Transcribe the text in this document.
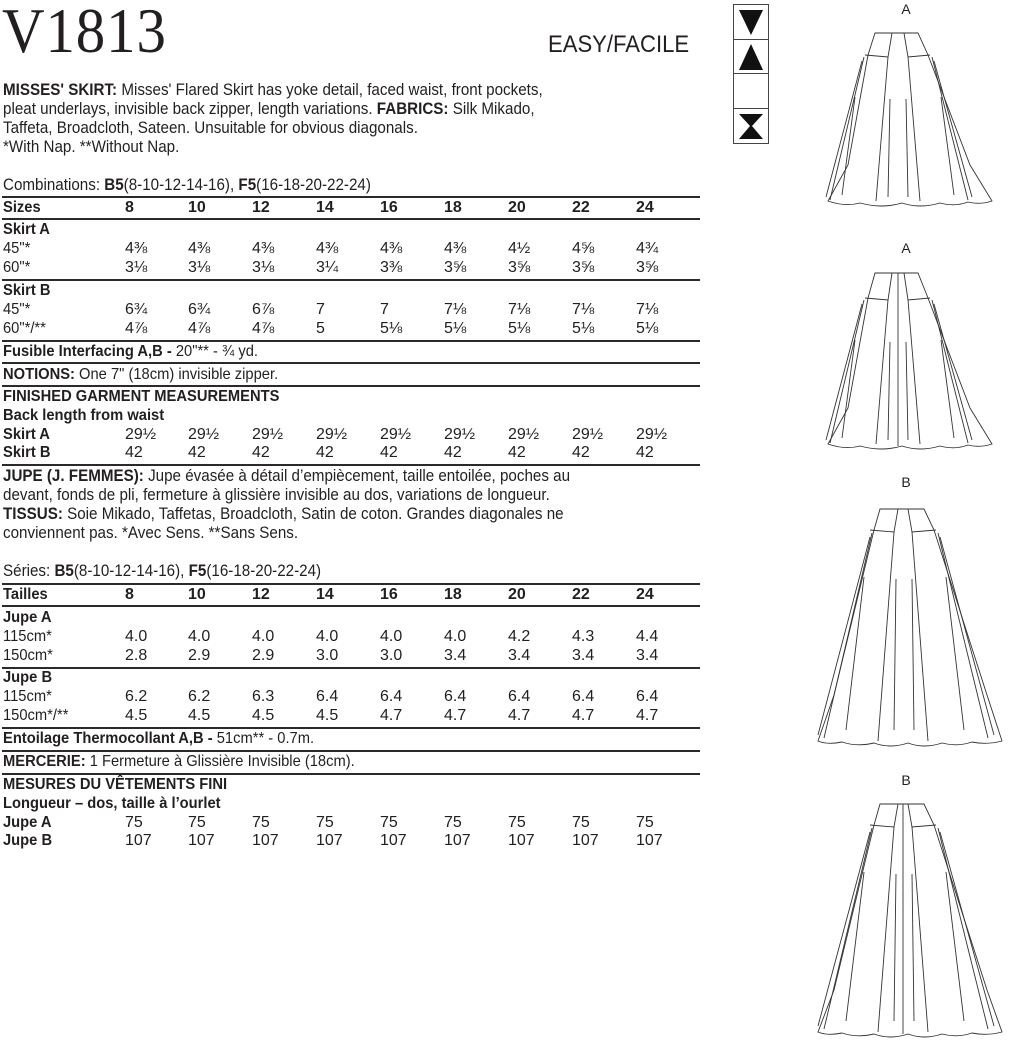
V1813	EASY/FACILE
MISSES' SKIRT: Misses' Flared Skirt has yoke detail, faced waist, front pockets,
pleat underlays, invisible back zipper, length variations. FABRICS: Silk Mikado,
Taffeta, Broadcloth, Sateen. Unsuitable for obvious diagonals.
*With Nap. **Without Nap.
Combinations: B5(8-10-12-14-16), F5(16-18-20-22-24)
Sizes	8	10	12	14	16	18	20	22	24
Skirt A
45"*	4⅜	4⅜	4⅜	4⅜	4⅜	4⅜	4½	4⅝	4¾
60"*	3⅛	3⅛	3⅛	3¼	3⅜	3⅝	3⅝	3⅝	3⅝
Skirt B
45"*	6¾	6¾	6⅞	7	7	7⅛	7⅛	7⅛	7⅛
60"*/**	4⅞	4⅞	4⅞	5	5⅛	5⅛	5⅛	5⅛	5⅛
Fusible Interfacing A,B - 20"** - ¾ yd.
NOTIONS: One 7" (18cm) invisible zipper.
FINISHED GARMENT MEASUREMENTS
Back length from waist
Skirt A	29½ 29½ 29½ 29½ 29½ 29½ 29½ 29½ 29½
Skirt B	42	42	42	42	42	42	42	42	42
JUPE (J. FEMMES): Jupe évasée à détail d’empiècement, taille entoilée, poches au
devant, fonds de pli, fermeture à glissière invisible au dos, variations de longueur.
TISSUS: Soie Mikado, Taffetas, Broadcloth, Satin de coton. Grandes diagonales ne
conviennent pas. *Avec Sens. **Sans Sens.
Séries: B5(8-10-12-14-16), F5(16-18-20-22-24)
Tailles	8	10	12	14	16	18	20	22	24
Jupe A
115cm*	4.0	4.0	4.0	4.0	4.0	4.0	4.2	4.3	4.4
150cm*	2.8	2.9	2.9	3.0	3.0	3.4	3.4	3.4	3.4
Jupe B
115cm*	6.2	6.2	6.3	6.4	6.4	6.4	6.4	6.4	6.4
150cm*/**	4.5	4.5	4.5	4.5	4.7	4.7	4.7	4.7	4.7
Entoilage Thermocollant A,B - 51cm** - 0.7m.
MERCERIE: 1 Fermeture à Glissière Invisible (18cm).
MESURES DU VÊTEMENTS FINI
Longueur – dos, taille à l’ourlet
Jupe A	75	75	75	75	75	75	75	75	75
Jupe B	107 107 107 107 107 107 107 107 107
A
A
B
B
